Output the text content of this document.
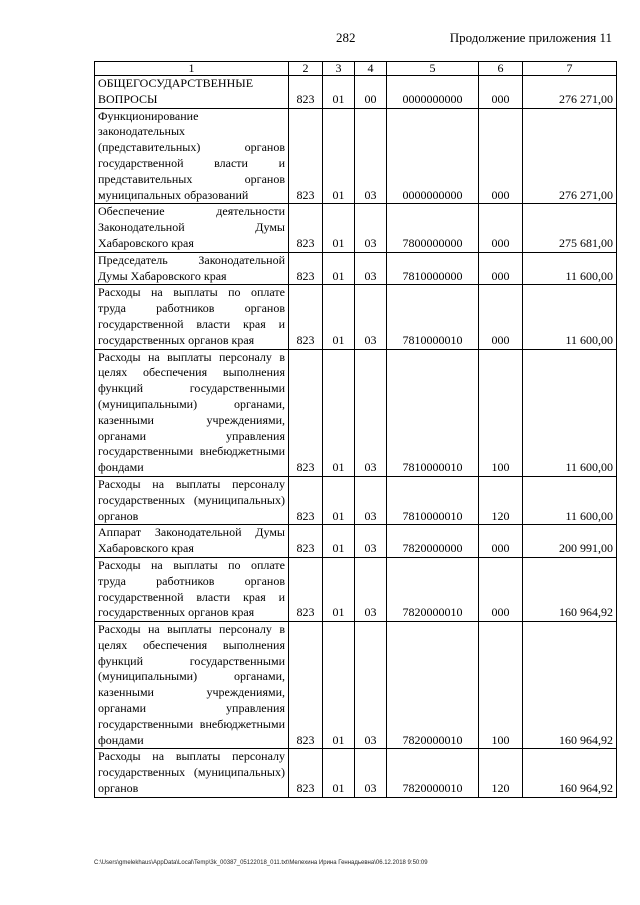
282	Продолжение приложения 11
1	2	3	4	5	6	7
ОБЩЕГОСУДАРСТВЕННЫЕ ВОПРОСЫ	823	01	00	0000000000	000	276 271,00
Функционирование законодательных (представительных) органов государственной власти и представительных органов муниципальных образований	823	01	03	0000000000	000	276 271,00
Обеспечение деятельности Законодательной Думы Хабаровского края	823	01	03	7800000000	000	275 681,00
Председатель Законодательной Думы Хабаровского края	823	01	03	7810000000	000	11 600,00
Расходы на выплаты по оплате труда работников органов государственной власти края и государственных органов края	823	01	03	7810000010	000	11 600,00
Расходы на выплаты персоналу в целях обеспечения выполнения функций государственными (муниципальными) органами, казенными учреждениями, органами управления государственными внебюджетными фондами	823	01	03	7810000010	100	11 600,00
Расходы на выплаты персоналу государственных (муниципальных) органов	823	01	03	7810000010	120	11 600,00
Аппарат Законодательной Думы Хабаровского края	823	01	03	7820000000	000	200 991,00
Расходы на выплаты по оплате труда работников органов государственной власти края и государственных органов края	823	01	03	7820000010	000	160 964,92
Расходы на выплаты персоналу в целях обеспечения выполнения функций государственными (муниципальными) органами, казенными учреждениями, органами управления государственными внебюджетными фондами	823	01	03	7820000010	100	160 964,92
Расходы на выплаты персоналу государственных (муниципальных) органов	823	01	03	7820000010	120	160 964,92
C:\Users\gmelekhaus\AppData\Local\Temp\3k_00387_05122018_011.txt\Мелехина Ирина Геннадьевна\06.12.2018 9:50:09
